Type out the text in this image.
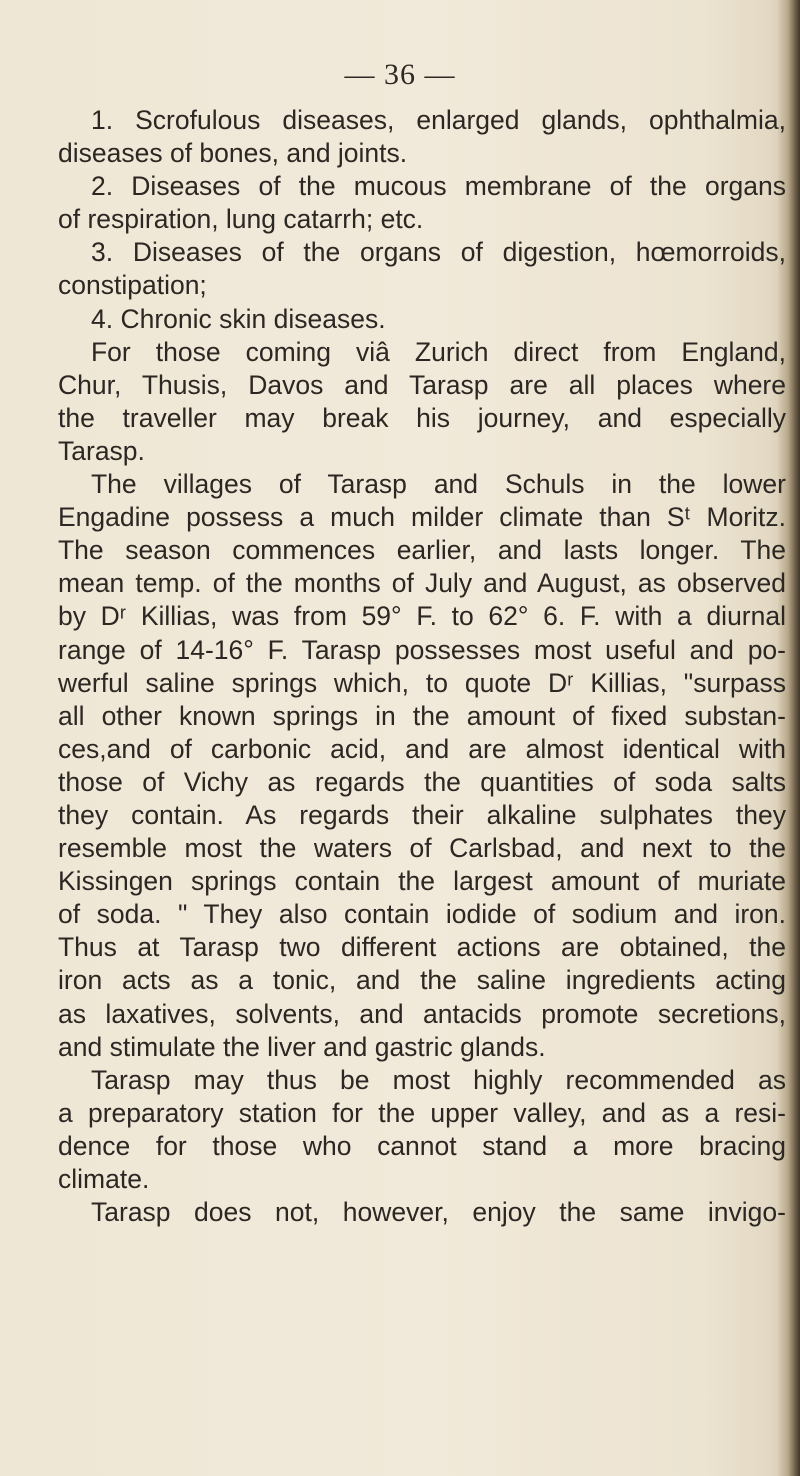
— 36 —
1. Scrofulous diseases, enlarged glands, ophthalmia,
diseases of bones, and joints.
2. Diseases of the mucous membrane of the organs
of respiration, lung catarrh; etc.
3. Diseases of the organs of digestion, hœmorroids,
constipation;
4. Chronic skin diseases.
For those coming viâ Zurich direct from England,
Chur, Thusis, Davos and Tarasp are all places where
the traveller may break his journey, and especially
Tarasp.
The villages of Tarasp and Schuls in the lower
Engadine possess a much milder climate than Sᵗ Moritz.
The season commences earlier, and lasts longer. The
mean temp. of the months of July and August, as observed
by Dʳ Killias, was from 59° F. to 62° 6. F. with a diurnal
range of 14-16° F. Tarasp possesses most useful and po-
werful saline springs which, to quote Dʳ Killias, "surpass
all other known springs in the amount of fixed substan-
ces,and of carbonic acid, and are almost identical with
those of Vichy as regards the quantities of soda salts
they contain. As regards their alkaline sulphates they
resemble most the waters of Carlsbad, and next to the
Kissingen springs contain the largest amount of muriate
of soda. " They also contain iodide of sodium and iron.
Thus at Tarasp two different actions are obtained, the
iron acts as a tonic, and the saline ingredients acting
as laxatives, solvents, and antacids promote secretions,
and stimulate the liver and gastric glands.
Tarasp may thus be most highly recommended as
a preparatory station for the upper valley, and as a resi-
dence for those who cannot stand a more bracing
climate.
Tarasp does not, however, enjoy the same invigo-
